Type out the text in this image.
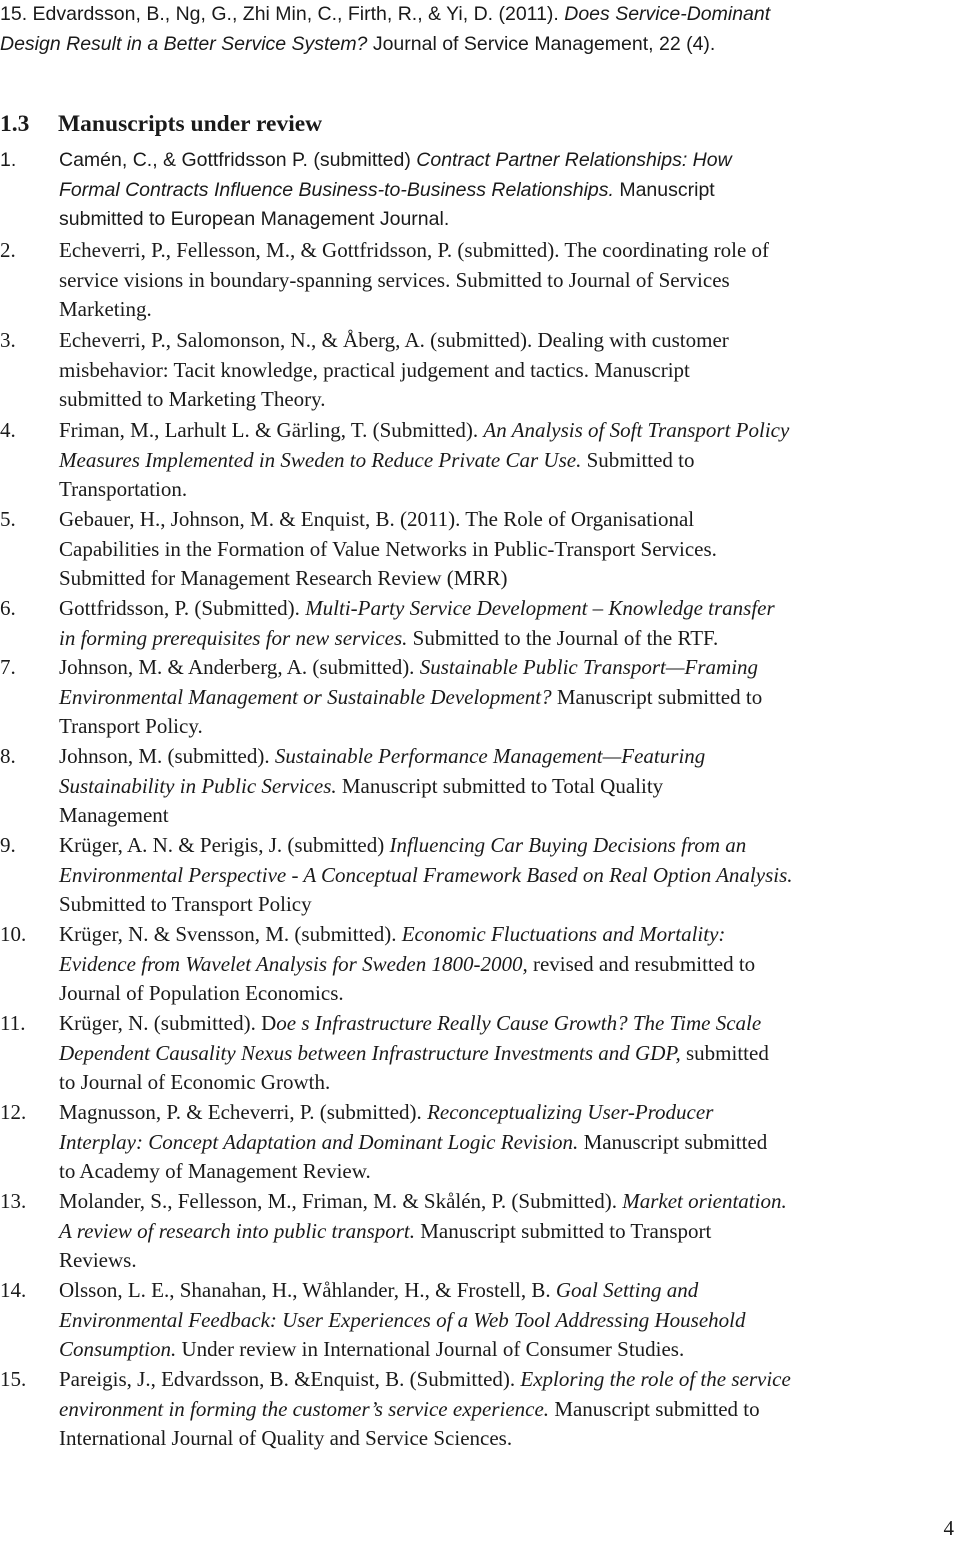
15. Edvardsson, B., Ng, G., Zhi Min, C., Firth, R., & Yi, D. (2011). Does Service-Dominant
Design Result in a Better Service System? Journal of Service Management, 22 (4).
1.3 Manuscripts under review
1. Camén, C., & Gottfridsson P. (submitted) Contract Partner Relationships: How
Formal Contracts Influence Business-to-Business Relationships. Manuscript
submitted to European Management Journal.
2. Echeverri, P., Fellesson, M., & Gottfridsson, P. (submitted). The coordinating role of
service visions in boundary-spanning services. Submitted to Journal of Services
Marketing.
3. Echeverri, P., Salomonson, N., & Åberg, A. (submitted). Dealing with customer
misbehavior: Tacit knowledge, practical judgement and tactics. Manuscript
submitted to Marketing Theory.
4. Friman, M., Larhult L. & Gärling, T. (Submitted). An Analysis of Soft Transport Policy
Measures Implemented in Sweden to Reduce Private Car Use. Submitted to
Transportation.
5. Gebauer, H., Johnson, M. & Enquist, B. (2011). The Role of Organisational
Capabilities in the Formation of Value Networks in Public-Transport Services.
Submitted for Management Research Review (MRR)
6. Gottfridsson, P. (Submitted). Multi-Party Service Development – Knowledge transfer
in forming prerequisites for new services. Submitted to the Journal of the RTF.
7. Johnson, M. & Anderberg, A. (submitted). Sustainable Public Transport—Framing
Environmental Management or Sustainable Development? Manuscript submitted to
Transport Policy.
8. Johnson, M. (submitted). Sustainable Performance Management—Featuring
Sustainability in Public Services. Manuscript submitted to Total Quality
Management
9. Krüger, A. N. & Perigis, J. (submitted) Influencing Car Buying Decisions from an
Environmental Perspective - A Conceptual Framework Based on Real Option Analysis.
Submitted to Transport Policy
10. Krüger, N. & Svensson, M. (submitted). Economic Fluctuations and Mortality:
Evidence from Wavelet Analysis for Sweden 1800-2000, revised and resubmitted to
Journal of Population Economics.
11. Krüger, N. (submitted). Doe s Infrastructure Really Cause Growth? The Time Scale
Dependent Causality Nexus between Infrastructure Investments and GDP, submitted
to Journal of Economic Growth.
12. Magnusson, P. & Echeverri, P. (submitted). Reconceptualizing User-Producer
Interplay: Concept Adaptation and Dominant Logic Revision. Manuscript submitted
to Academy of Management Review.
13. Molander, S., Fellesson, M., Friman, M. & Skålén, P. (Submitted). Market orientation.
A review of research into public transport. Manuscript submitted to Transport
Reviews.
14. Olsson, L. E., Shanahan, H., Wåhlander, H., & Frostell, B. Goal Setting and
Environmental Feedback: User Experiences of a Web Tool Addressing Household
Consumption. Under review in International Journal of Consumer Studies.
15. Pareigis, J., Edvardsson, B. &Enquist, B. (Submitted). Exploring the role of the service
environment in forming the customer’s service experience. Manuscript submitted to
International Journal of Quality and Service Sciences.
4
